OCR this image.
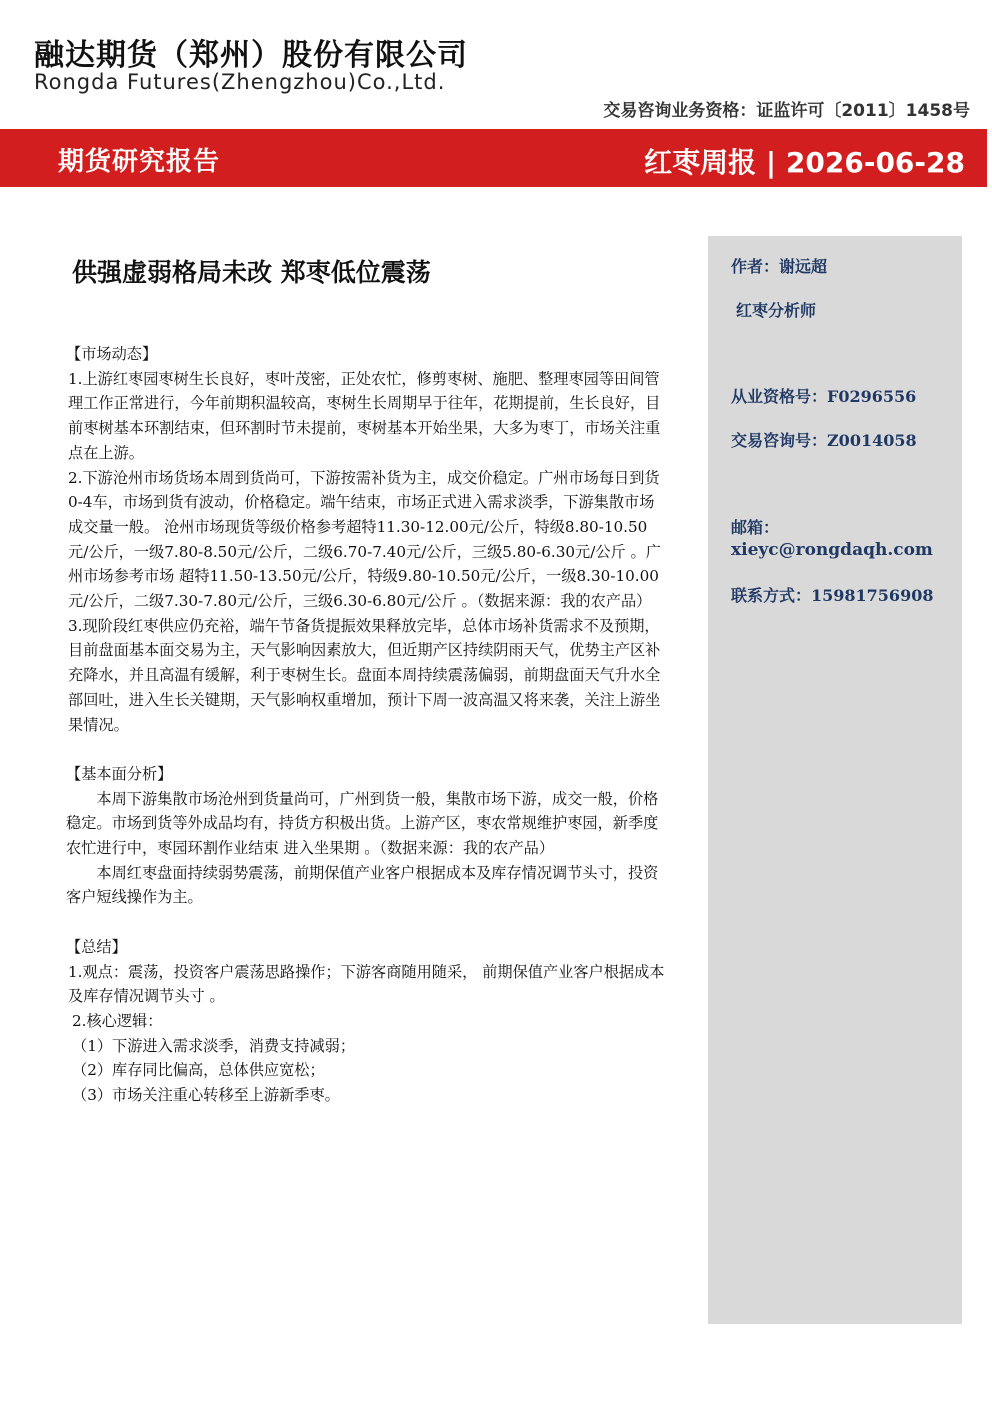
融达期货（郑州）股份有限公司
Rongda Futures(Zhengzhou)Co.,Ltd.
交易咨询业务资格：证监许可〔2011〕1458号
期货研究报告	红枣周报 | 2026-06-28
供强虚弱格局未改 郑枣低位震荡

【市场动态】

1.上游红枣园枣树生长良好，枣叶茂密，正处农忙，修剪枣树、施肥、整理枣园等田间管理工作正常进行，今年前期积温较高，枣树生长周期早于往年，花期提前，生长良好，目前枣树基本环割结束，但环割时节未提前，枣树基本开始坐果，大多为枣丁，市场关注重点在上游。

2.下游沧州市场货场本周到货尚可，下游按需补货为主，成交价稳定。广州市场每日到货0-4车，市场到货有波动，价格稳定。端午结束，市场正式进入需求淡季，下游集散市场成交量一般。 沧州市场现货等级价格参考超特11.30-12.00元/公斤，特级8.80-10.50元/公斤，一级7.80-8.50元/公斤，二级6.70-7.40元/公斤，三级5.80-6.30元/公斤 。广州市场参考市场 超特11.50-13.50元/公斤，特级9.80-10.50元/公斤，一级8.30-10.00元/公斤，二级7.30-7.80元/公斤，三级6.30-6.80元/公斤 。（数据来源：我的农产品）

3.现阶段红枣供应仍充裕，端午节备货提振效果释放完毕，总体市场补货需求不及预期，目前盘面基本面交易为主，天气影响因素放大，但近期产区持续阴雨天气，优势主产区补充降水，并且高温有缓解，利于枣树生长。盘面本周持续震荡偏弱，前期盘面天气升水全部回吐，进入生长关键期，天气影响权重增加，预计下周一波高温又将来袭，关注上游坐果情况。

【基本面分析】

本周下游集散市场沧州到货量尚可，广州到货一般，集散市场下游，成交一般，价格稳定。市场到货等外成品均有，持货方积极出货。上游产区，枣农常规维护枣园，新季度农忙进行中，枣园环割作业结束 进入坐果期 。（数据来源：我的农产品）

本周红枣盘面持续弱势震荡，前期保值产业客户根据成本及库存情况调节头寸，投资客户短线操作为主。

【总结】

1.观点：震荡，投资客户震荡思路操作；下游客商随用随采， 前期保值产业客户根据成本及库存情况调节头寸 。

2.核心逻辑：

（1）下游进入需求淡季，消费支持减弱；

（2）库存同比偏高，总体供应宽松；

（3）市场关注重心转移至上游新季枣。

作者：谢远超
红枣分析师
从业资格号：F0296556
交易咨询号：Z0014058
邮箱：
xieyc@rongdaqh.com
联系方式：15981756908
